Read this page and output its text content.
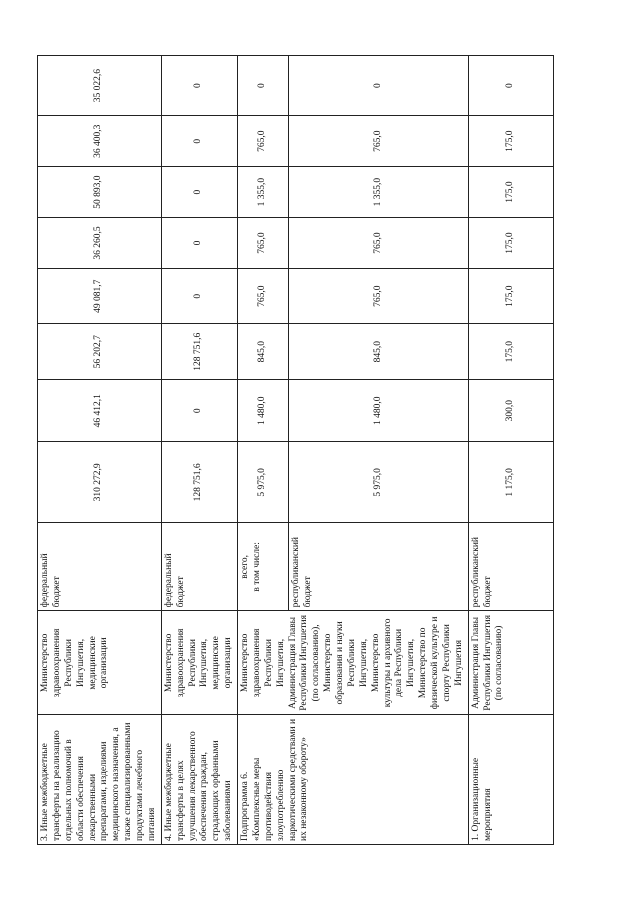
3. Иные межбюджетные трансферты на реализацию отдельных полномочий в области обеспечения лекарственными препаратами, изделиями медицинского назначения, а также специализированными продуктами лечебного питания	Министерство здравоохранения Республики Ингушетия, медицинские организации	федеральный бюджет	310 272,9	46 412,1	56 202,7	49 081,7	36 260,5	50 893,0	36 400,3	35 022,6
4. Иные межбюджетные трансферты в целях улучшения лекарственного обеспечения граждан, страдающих орфанными заболеваниями	Министерство здравоохранения Республики Ингушетия, медицинские организации	федеральный бюджет	128 751,6	0	128 751,6	0	0	0	0	0
Подпрограмма 6. «Комплексные меры противодействия злоупотреблению наркотическими средствами и их незаконному обороту»	Министерство здравоохранения Республики Ингушетия, Администрация Главы Республики Ингушетия (по согласованию), Министерство образования и науки Республики Ингушетия, Министерство культуры и архивного дела Республики Ингушетия, Министерство по физической культуре и спорту Республики Ингушетия	всего, в том числе:	5 975,0	1 480,0	845,0	765,0	765,0	1 355,0	765,0	0
		республиканский бюджет	5 975,0	1 480,0	845,0	765,0	765,0	1 355,0	765,0	0
1. Организационные мероприятия	Администрация Главы Республики Ингушетия (по согласованию)	республиканский бюджет	1 175,0	300,0	175,0	175,0	175,0	175,0	175,0	0
